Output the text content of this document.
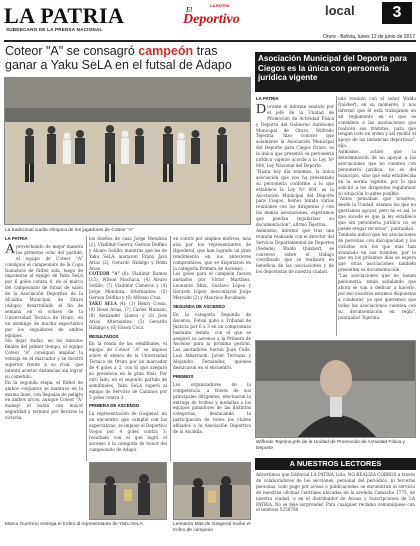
LA PATRIA
SUBDECANO DE LA PRENSA NACIONAL
El	LA PATRIA
Deportivo
local	3
Oruro - Bolivia, lunes 12 de junio de 2017
Coteor "A" se consagró campeón tras ganar a Yaku SeLA en el futsal de Adapo
La tradicional vuelta olímpica de los jugadores de Coteor "A"
LA PATRIA
A provechando de mejor manera las primeras ocho del partido, el equipo de Coteor "A" consiguió el campeonato de la Copa Ganadora de fútbol sala, luego de imponerse al equipo de Yaku SeLA por 6 goles contra 4, en el marco del campeonato de futsal de salón de la Asociación Deportiva de la Alcaldía Municipal de Oruro (Adapo) desarrollado el fin de semana en el coliseo de la Universidad Técnica de Oruro, en un domingo de mucha expectativa por los seguidores de ambos equipos.

Sin dejar dudas, en los minutos finales del primer tiempo, el equipo Coteor "A" consiguió ampliar la ventaja en el marcador y se mostró superior frente a su rival, que intentó acortar distancias sin lograr su cometido.

En la segunda etapa, el fútbol de ambos conjuntos se mantuvo en la misma línea, con llegadas de peligro en ambos arcos, aunque Coteor "A" manejó el balón con mayor seguridad y terminó por llevarse la victoria.

los dueños de casa Jorge Mendoza (2), Vladimir Guerra, Gerson Delfino y Álvaro Sotillo; mientras que los de Yaku SeLA anotaron Franz Jaro Arias (2), Gerardo Hidalgo y Remi Arias.

COTEOR "A" (8): Vladimir Ramos (13), Wilson Machaca, (4) Álvaro Sotillo, (7) Vladimir Cisneros y (4) Jorge Mendoza. Alternantes: (5) Gerson Delfino y (6) Alfonso Cruz.

YAKU SELA (4): (1) Henry Cossa, (9) Rossi Arias, (7) Carlos Mamani, (8) Alexander Llanos y (3) Jose Arias. Alternantes: (5) Gerardo Hidalgo y (6) Edson Coca.

RESULTADOS

En la ronda de las semifinales, el equipo de Coteor "A" se impuso sobre el elenco de la Universidad Técnica de Oruro por un marcador de 4 goles a 2, con lo que aseguró su presencia en la gran final. Por otro lado, en el segundo partido de semifinales, Yaku SeLA superó al equipo de Servicio de Caminos por 5 goles contra 3.

PRIMERA DE ASCENSO

La representación de Gasperal, en un encuentro que cumplió con las expectativas, se impuso al Deportivo Viejos por 4 goles contra 3, resultado con el que logró el ascenso a la categoría de honor del campeonato de Adapo.

en contra por amplios motivos, más aún por los representantes de Hipoderol, que han logrado un gran rendimiento en los anteriores compromisos, que se disputaron en la categoría Primera de Ascenso.

Los goles para el campeón fueron anotados por Víctor Martínez, Leonardo Mita, Gustavo López y Gerardo López; descontaron Jorge Mercado (2) y Mauricio Rocabado.

SEGUNDA DE ASCENSO

En la categoría Segunda de Ascenso, Fetsal ganó a Tribunal de Justicia por 6 a 3 en un compromiso bastante reñido, con el que se aseguró su ascenso a la Primera de Ascenso para la próxima gestión. Los anotadores fueron Juan Calle, Luis Albarracín, Javier Terrazas y Alejandro Fernández, quienes destacaron en el encuentro.

PREMIOS

Los organizadores de la competencia, a través de sus principales dirigentes, efectuaron la entrega de trofeos y medallas a los equipos ganadores de las distintas categorías, destacando la participación de todos los clubes afiliados a la Asociación Deportiva de la Alcaldía.

Marco Guerrero entrega el trofeo al representante de Yaku SeLA	Leonardo Mita de Gasperal recibe el trofeo de campeón
Asociación Municipal del Deporte para Ciegos es la única con personería jurídica vigente
LA PATRIA
D urante el informe emitido por el jefe de la Unidad de Promoción de Actividad Física y Deporte del Gobierno Autónomo Municipal de Oruro, Wilfredo Tejerina, hizo conocer que solamente la Asociación Municipal del Deporte para Ciegos Oruro, es la única que presentó su personería jurídica vigente acorde a la Ley Nº 804, Ley Nacional del Deporte.

"Hasta hoy día tenemos, la única asociación que nos ha presentado su personería conforme a lo que establece la Ley Nº 804, es la Asociación Municipal del Deporte para Ciegos, hemos tenido varias reuniones con los dirigentes y con las demás asociaciones, esperamos que puedan regularizar su documentación", afirmó Tejerina.

Asimismo, informó que tras una reunión realizada con el director del Servicio Departamental de Deportes (Sedede), Waldo Quisbert, se conversó sobre el trabajo coordinado que se realizará en beneficio de las asociaciones y de los deportistas de nuestra ciudad.

una reunión con el señor Waldo Quisbert, en su momento, y nos informó que él está trabajando en un reglamento en el que se considera a las asociaciones que realicen sus trámites, para que tengan todo en orden y así recibir el apoyo de las instancias deportivas", dijo.

Asimismo, aclaró que la determinación de no apoyar a las asociaciones que no cuenten con personería jurídica, no es del municipio, sino que está establecida en la norma vigente, por lo que solicitó a los dirigentes regularizar su situación lo antes posible.

"Antes pensaban que nosotros, desde la Unidad, éramos los que no queríamos apoyar, pero no es así, lo que sucede es que la ley establece que sin personería jurídica no se puede erogar recursos", puntualizó.

También indicó que los asociaciones de personas con discapacidad y los ciclistas son los que más han avanzado en sus trámites, por lo que en los próximos días se espera que otras asociaciones también presenten su documentación.

"Las asociaciones que no tienen personería, están señalando que ahora se van a dedicar a hacerlo, por eso nosotros estamos dispuestos a colaborar, ya que queremos que todas las asociaciones cuenten con su documentación en regla", puntualizó Tejerina.

Wilfredo Tejerina jefe de la Unidad de Promoción de Actividad Física y Deporte
A NUESTROS LECTORES
Advertimos que Editorial LA PATRIA Ltda. NO REALIZA COBROS a través de colaboradores de las secciones, personal del periódico, ni terceras personas, todo pago por avisos o publicaciones se encuentran al servicio de nuestras oficinas centrales ubicadas en la avenida Camacho 1775, de nuestra ciudad, o en el distribuidor de Avisos y Suscripciones de LA PATRIA. No se deje sorprender. Para cualquier reclamo comuníquese con el teléfono 5250780
